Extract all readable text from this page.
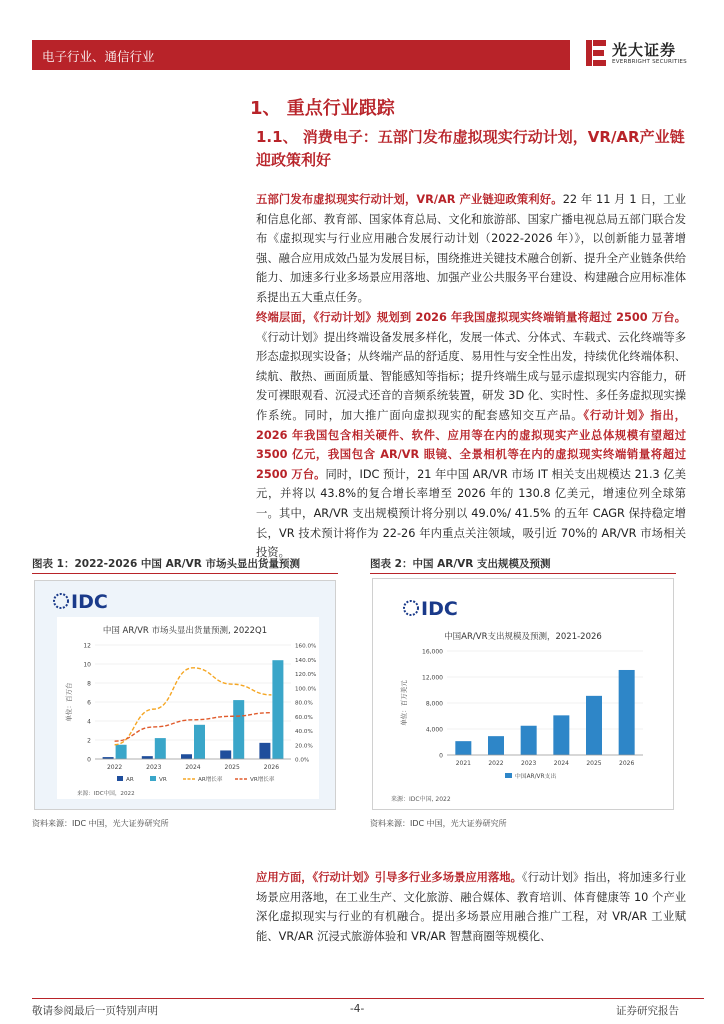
电子行业、通信行业	光大证券
EVERBRIGHT SECURITIES
1、 重点行业跟踪
1.1、 消费电子：五部门发布虚拟现实行动计划，VR/AR产业链迎政策利好
五部门发布虚拟现实行动计划，VR/AR 产业链迎政策利好。22 年 11 月 1 日，工业和信息化部、教育部、国家体育总局、文化和旅游部、国家广播电视总局五部门联合发布《虚拟现实与行业应用融合发展行动计划（2022-2026 年）》，以创新能力显著增强、融合应用成效凸显为发展目标，围绕推进关键技术融合创新、提升全产业链条供给能力、加速多行业多场景应用落地、加强产业公共服务平台建设、构建融合应用标准体系提出五大重点任务。
终端层面，《行动计划》规划到 2026 年我国虚拟现实终端销量将超过 2500 万台。《行动计划》提出终端设备发展多样化，发展一体式、分体式、车载式、云化终端等多形态虚拟现实设备；从终端产品的舒适度、易用性与安全性出发，持续优化终端体积、续航、散热、画面质量、智能感知等指标；提升终端生成与显示虚拟现实内容能力，研发可裸眼观看、沉浸式还音的音频系统装置，研发 3D 化、实时性、多任务虚拟现实操作系统。同时，加大推广面向虚拟现实的配套感知交互产品。《行动计划》指出，2026 年我国包含相关硬件、软件、应用等在内的虚拟现实产业总体规模有望超过 3500 亿元，我国包含 AR/VR 眼镜、全景相机等在内的虚拟现实终端销量将超过 2500 万台。同时，IDC 预计，21 年中国 AR/VR 市场 IT 相关支出规模达 21.3 亿美元，并将以 43.8%的复合增长率增至 2026 年的 130.8 亿美元，增速位列全球第一。其中，AR/VR 支出规模预计将分别以 49.0%/ 41.5% 的五年 CAGR 保持稳定增长，VR 技术预计将作为 22-26 年内重点关注领域，吸引近 70%的 AR/VR 市场相关投资。
图表 1：2022-2026 中国 AR/VR 市场头显出货量预测
IDC
中国 AR/VR 市场头显出货量预测, 2022Q1
0
2
4
6
8
10
12
0.0%
20.0%
40.0%
60.0%
80.0%
100.0%
120.0%
140.0%
160.0%
单位：百万台
2022	2023	2024	2025	2026
AR	VR	AR增长率	VR增长率
来源：IDC中国，2022
资料来源：IDC 中国，光大证券研究所
图表 2：中国 AR/VR 支出规模及预测
IDC
中国AR/VR支出规模及预测，2021-2026
0
4,000
8,000
12,000
16,000
单位：百万美元
2021	2022	2023	2024	2025	2026
中国AR/VR支出
来源：IDC中国, 2022
资料来源：IDC 中国，光大证券研究所
应用方面，《行动计划》引导多行业多场景应用落地。《行动计划》指出，将加速多行业场景应用落地，在工业生产、文化旅游、融合媒体、教育培训、体育健康等 10 个产业深化虚拟现实与行业的有机融合。提出多场景应用融合推广工程，对 VR/AR 工业赋能、VR/AR 沉浸式旅游体验和 VR/AR 智慧商圈等规模化、
敬请参阅最后一页特别声明	-4-	证券研究报告
